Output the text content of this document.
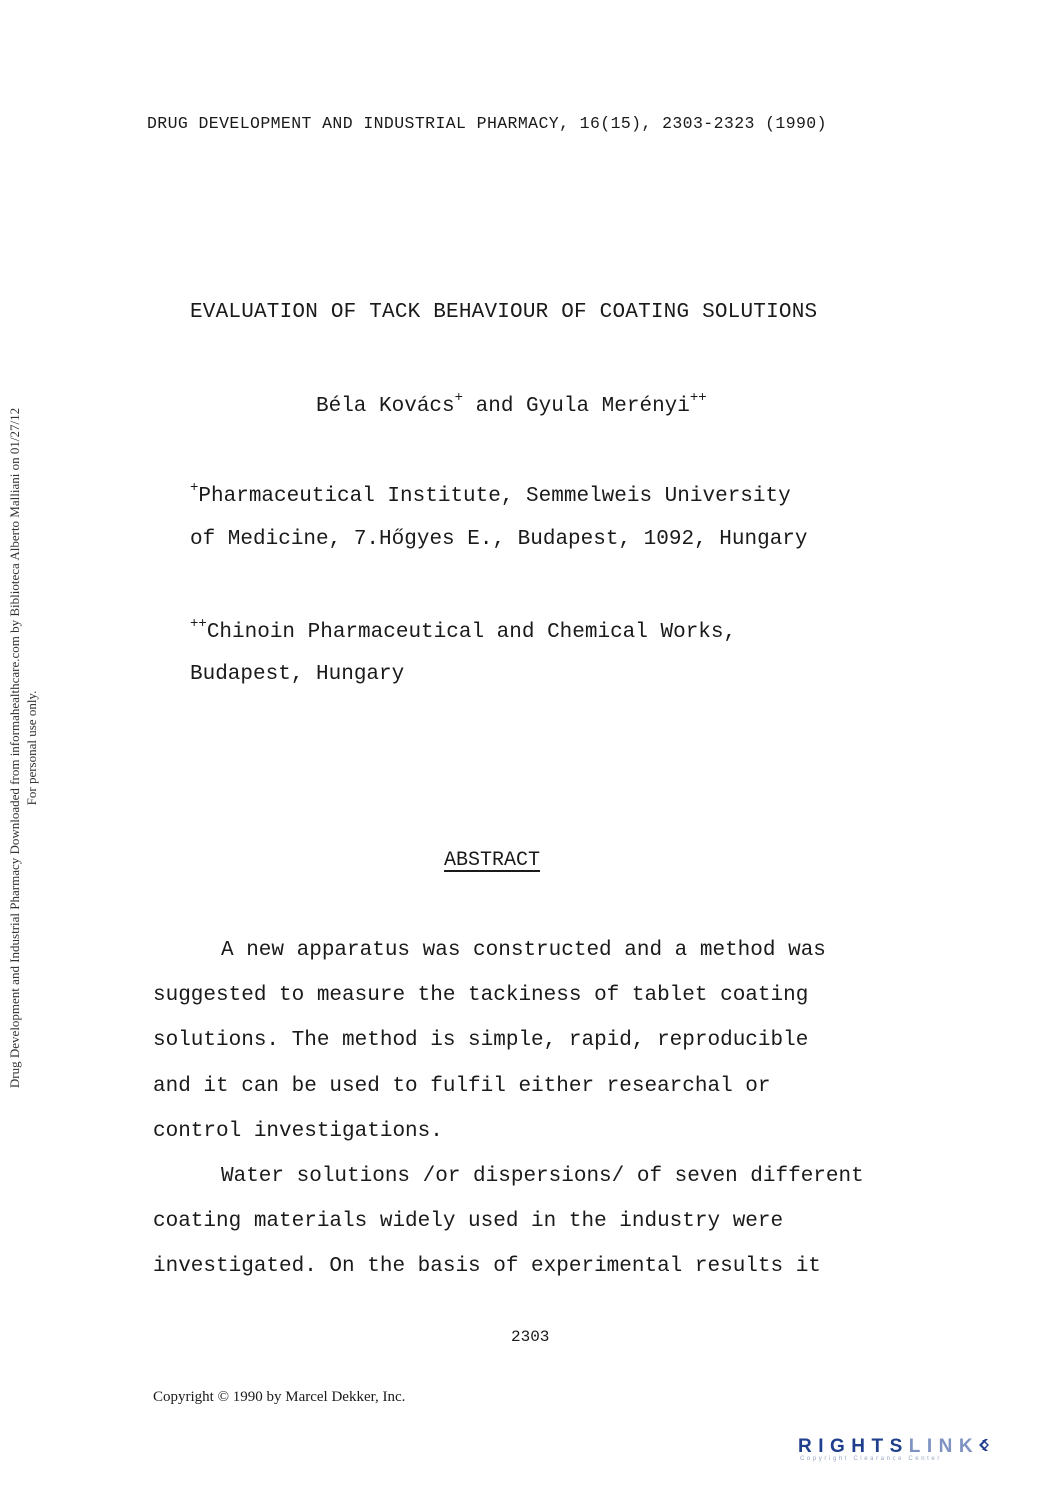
DRUG DEVELOPMENT AND INDUSTRIAL PHARMACY, 16(15), 2303-2323 (1990)
Drug Development and Industrial Pharmacy Downloaded from informahealthcare.com by Biblioteca Alberto Malliani on 01/27/12 For personal use only.
EVALUATION OF TACK BEHAVIOUR OF COATING SOLUTIONS
Béla Kovács+ and Gyula Merényi++
+Pharmaceutical Institute, Semmelweis University
of Medicine, 7.Hőgyes E., Budapest, 1092, Hungary
++Chinoin Pharmaceutical and Chemical Works,
Budapest, Hungary
ABSTRACT
A new apparatus was constructed and a method was
suggested to measure the tackiness of tablet coating
solutions. The method is simple, rapid, reproducible
and it can be used to fulfil either researchal or
control investigations.
Water solutions /or dispersions/ of seven different
coating materials widely used in the industry were
investigated. On the basis of experimental results it
2303
Copyright © 1990 by Marcel Dekker, Inc.
RIGHTSLINK
Copyright Clearance Center
